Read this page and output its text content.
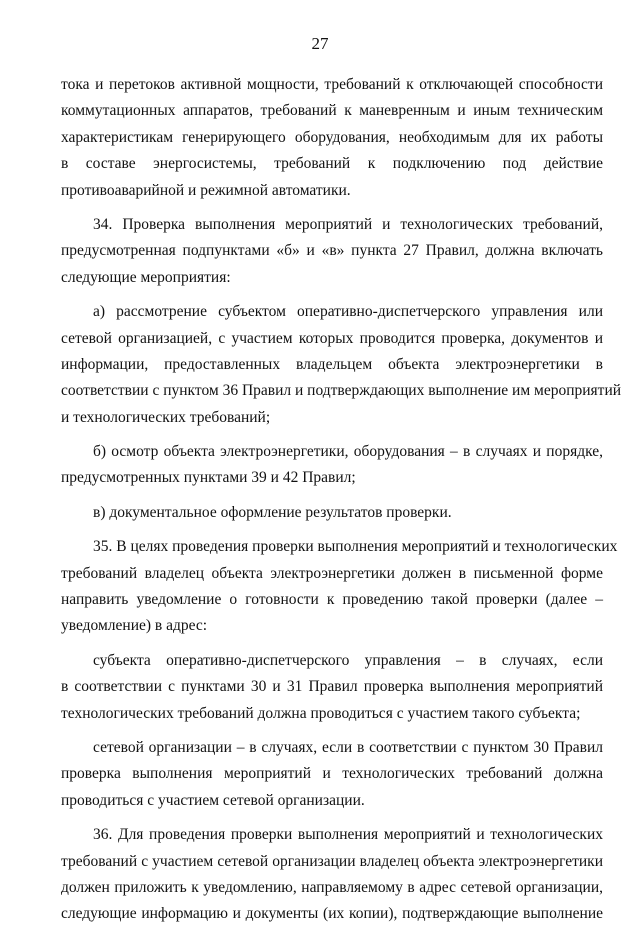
27
тока и перетоков активной мощности, требований к отключающей способности
коммутационных аппаратов, требований к маневренным и иным техническим
характеристикам генерирующего оборудования, необходимым для их работы
в составе энергосистемы, требований к подключению под действие
противоаварийной и режимной автоматики.
34. Проверка выполнения мероприятий и технологических требований,
предусмотренная подпунктами «б» и «в» пункта 27 Правил, должна включать
следующие мероприятия:
а) рассмотрение субъектом оперативно-диспетчерского управления или
сетевой организацией, с участием которых проводится проверка, документов и
информации, предоставленных владельцем объекта электроэнергетики в
соответствии с пунктом 36 Правил и подтверждающих выполнение им мероприятий
и технологических требований;
б) осмотр объекта электроэнергетики, оборудования – в случаях и порядке,
предусмотренных пунктами 39 и 42 Правил;
в) документальное оформление результатов проверки.
35. В целях проведения проверки выполнения мероприятий и технологических
требований владелец объекта электроэнергетики должен в письменной форме
направить уведомление о готовности к проведению такой проверки (далее –
уведомление) в адрес:
субъекта оперативно-диспетчерского управления – в случаях, если
в соответствии с пунктами 30 и 31 Правил проверка выполнения мероприятий
технологических требований должна проводиться с участием такого субъекта;
сетевой организации – в случаях, если в соответствии с пунктом 30 Правил
проверка выполнения мероприятий и технологических требований должна
проводиться с участием сетевой организации.
36. Для проведения проверки выполнения мероприятий и технологических
требований с участием сетевой организации владелец объекта электроэнергетики
должен приложить к уведомлению, направляемому в адрес сетевой организации,
следующие информацию и документы (их копии), подтверждающие выполнение
